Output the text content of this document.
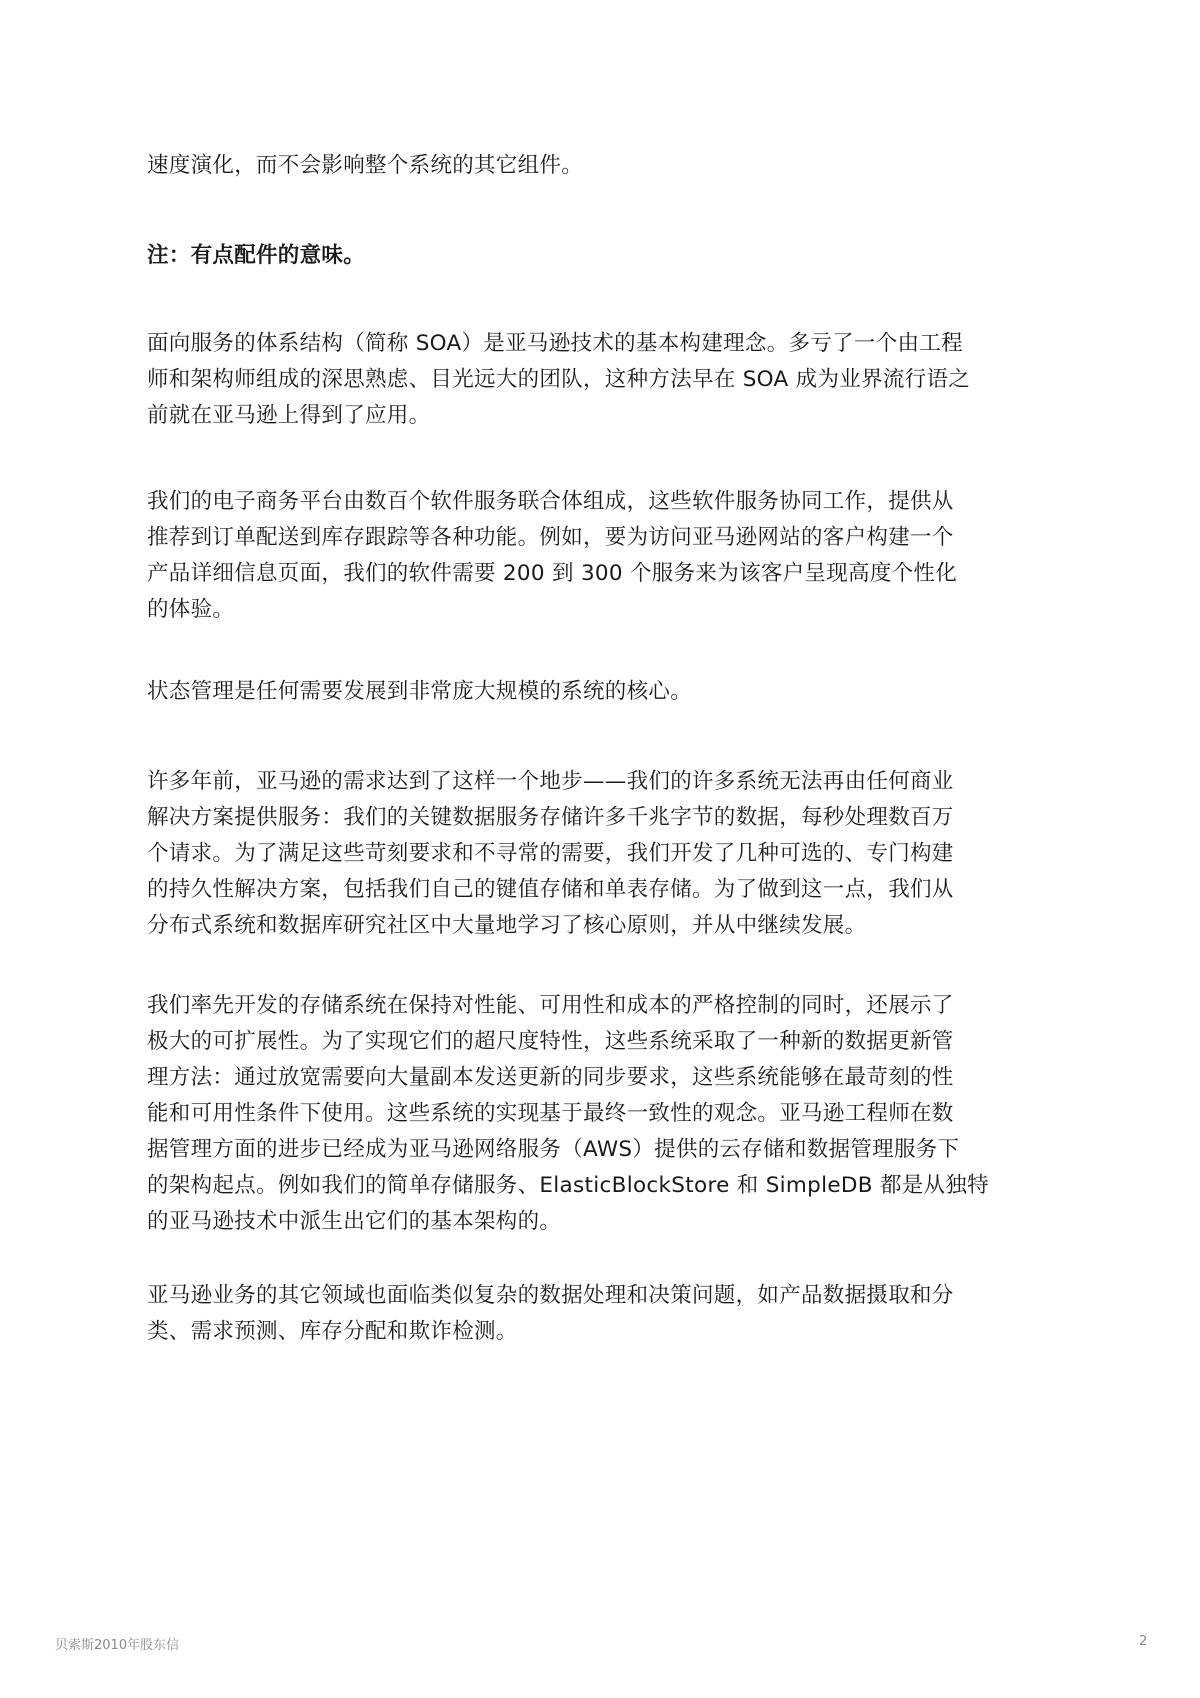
速度演化，而不会影响整个系统的其它组件。

注：有点配件的意味。

面向服务的体系结构（简称 SOA）是亚马逊技术的基本构建理念。多亏了一个由工程
师和架构师组成的深思熟虑、目光远大的团队，这种方法早在 SOA 成为业界流行语之
前就在亚马逊上得到了应用。

我们的电子商务平台由数百个软件服务联合体组成，这些软件服务协同工作，提供从
推荐到订单配送到库存跟踪等各种功能。例如，要为访问亚马逊网站的客户构建一个
产品详细信息页面，我们的软件需要 200 到 300 个服务来为该客户呈现高度个性化
的体验。

状态管理是任何需要发展到非常庞大规模的系统的核心。

许多年前，亚马逊的需求达到了这样一个地步——我们的许多系统无法再由任何商业
解决方案提供服务：我们的关键数据服务存储许多千兆字节的数据，每秒处理数百万
个请求。为了满足这些苛刻要求和不寻常的需要，我们开发了几种可选的、专门构建
的持久性解决方案，包括我们自己的键值存储和单表存储。为了做到这一点，我们从
分布式系统和数据库研究社区中大量地学习了核心原则，并从中继续发展。

我们率先开发的存储系统在保持对性能、可用性和成本的严格控制的同时，还展示了
极大的可扩展性。为了实现它们的超尺度特性，这些系统采取了一种新的数据更新管
理方法：通过放宽需要向大量副本发送更新的同步要求，这些系统能够在最苛刻的性
能和可用性条件下使用。这些系统的实现基于最终一致性的观念。亚马逊工程师在数
据管理方面的进步已经成为亚马逊网络服务（AWS）提供的云存储和数据管理服务下
的架构起点。例如我们的简单存储服务、ElasticBlockStore 和 SimpleDB 都是从独特
的亚马逊技术中派生出它们的基本架构的。

亚马逊业务的其它领域也面临类似复杂的数据处理和决策问题，如产品数据摄取和分
类、需求预测、库存分配和欺诈检测。

贝索斯2010年股东信	2
